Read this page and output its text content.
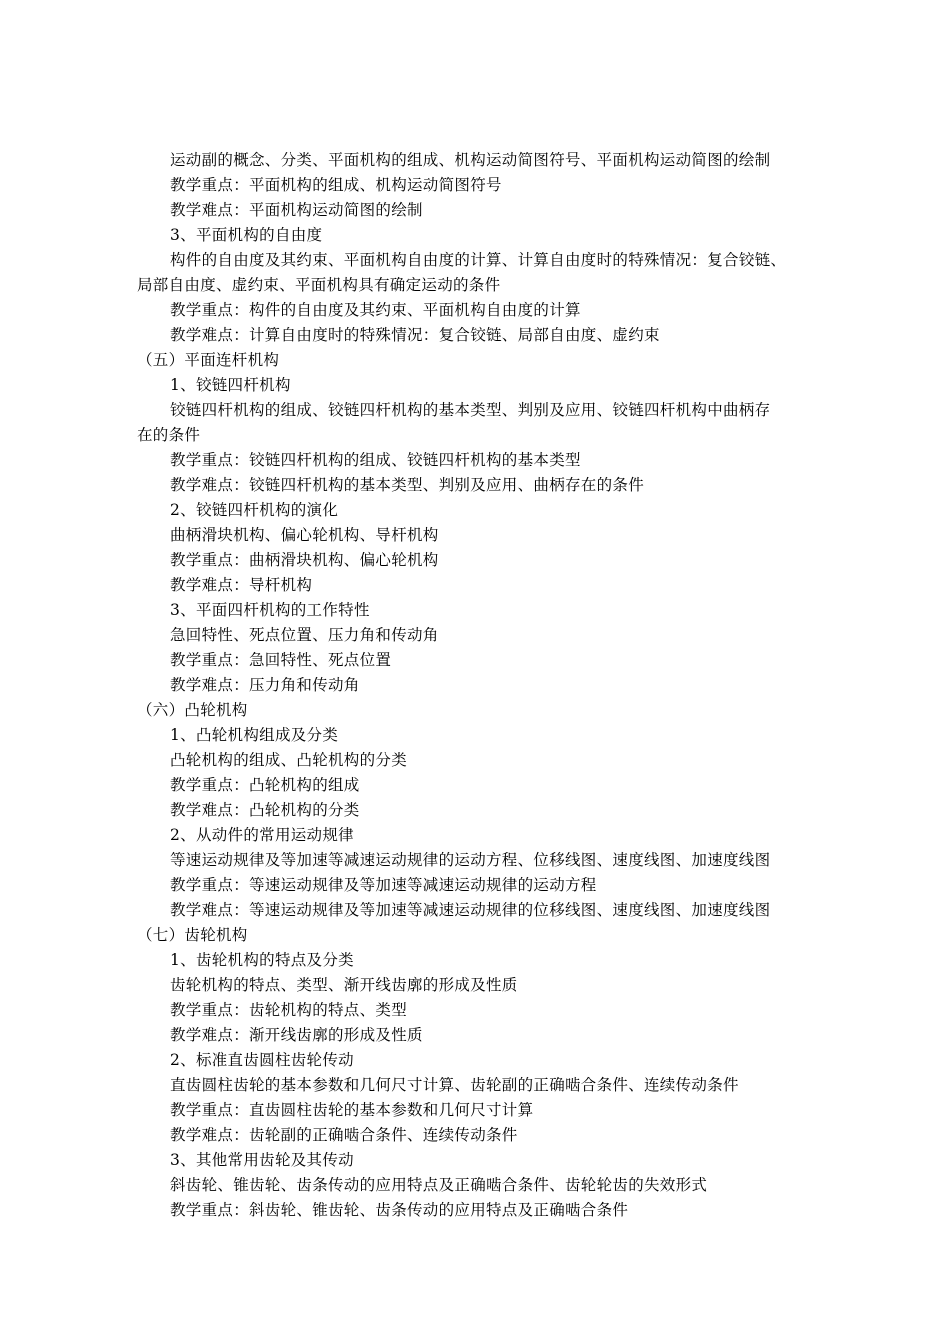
运动副的概念、分类、平面机构的组成、机构运动简图符号、平面机构运动简图的绘制
教学重点：平面机构的组成、机构运动简图符号
教学难点：平面机构运动简图的绘制
3、平面机构的自由度
构件的自由度及其约束、平面机构自由度的计算、计算自由度时的特殊情况：复合铰链、
局部自由度、虚约束、平面机构具有确定运动的条件
教学重点：构件的自由度及其约束、平面机构自由度的计算
教学难点：计算自由度时的特殊情况：复合铰链、局部自由度、虚约束
（五）平面连杆机构
1、铰链四杆机构
铰链四杆机构的组成、铰链四杆机构的基本类型、判别及应用、铰链四杆机构中曲柄存
在的条件
教学重点：铰链四杆机构的组成、铰链四杆机构的基本类型
教学难点：铰链四杆机构的基本类型、判别及应用、曲柄存在的条件
2、铰链四杆机构的演化
曲柄滑块机构、偏心轮机构、导杆机构
教学重点：曲柄滑块机构、偏心轮机构
教学难点：导杆机构
3、平面四杆机构的工作特性
急回特性、死点位置、压力角和传动角
教学重点：急回特性、死点位置
教学难点：压力角和传动角
（六）凸轮机构
1、凸轮机构组成及分类
凸轮机构的组成、凸轮机构的分类
教学重点：凸轮机构的组成
教学难点：凸轮机构的分类
2、从动件的常用运动规律
等速运动规律及等加速等减速运动规律的运动方程、位移线图、速度线图、加速度线图
教学重点：等速运动规律及等加速等减速运动规律的运动方程
教学难点：等速运动规律及等加速等减速运动规律的位移线图、速度线图、加速度线图
（七）齿轮机构
1、齿轮机构的特点及分类
齿轮机构的特点、类型、渐开线齿廓的形成及性质
教学重点：齿轮机构的特点、类型
教学难点：渐开线齿廓的形成及性质
2、标准直齿圆柱齿轮传动
直齿圆柱齿轮的基本参数和几何尺寸计算、齿轮副的正确啮合条件、连续传动条件
教学重点：直齿圆柱齿轮的基本参数和几何尺寸计算
教学难点：齿轮副的正确啮合条件、连续传动条件
3、其他常用齿轮及其传动
斜齿轮、锥齿轮、齿条传动的应用特点及正确啮合条件、齿轮轮齿的失效形式
教学重点：斜齿轮、锥齿轮、齿条传动的应用特点及正确啮合条件
